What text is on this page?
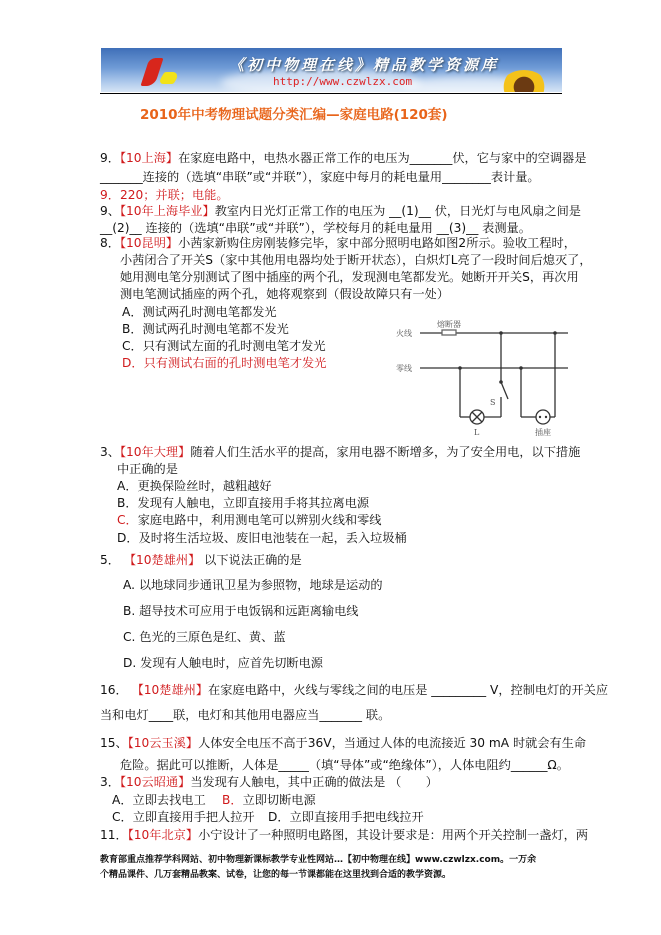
《初中物理在线》精品教学资源库
http://www.czwlzx.com
2010年中考物理试题分类汇编—家庭电路(120套)
9．【10上海】在家庭电路中，电热水器正常工作的电压为_______伏，它与家中的空调器是
_______连接的（选填“串联”或“并联”），家庭中每月的耗电量用________表计量。
9．220；并联；电能。
9、【10年上海毕业】教室内日光灯正常工作的电压为 __(1)__ 伏，日光灯与电风扇之间是
__(2)__ 连接的（选填“串联”或“并联”），学校每月的耗电量用 __(3)__ 表测量。
8．【10昆明】小茜家新购住房刚装修完毕，家中部分照明电路如图2所示。验收工程时，
小茜闭合了开关S（家中其他用电器均处于断开状态），白炽灯L亮了一段时间后熄灭了，
她用测电笔分别测试了图中插座的两个孔，发现测电笔都发光。她断开开关S，再次用
测电笔测试插座的两个孔，她将观察到（假设故障只有一处）
A．测试两孔时测电笔都发光
B．测试两孔时测电笔都不发光
C．只有测试左面的孔时测电笔才发光
D．只有测试右面的孔时测电笔才发光
3、【10年大理】随着人们生活水平的提高，家用电器不断增多，为了安全用电，以下措施
中正确的是
A．更换保险丝时，越粗越好
B．发现有人触电，立即直接用手将其拉离电源
C．家庭电路中，利用测电笔可以辨别火线和零线
D．及时将生活垃圾、废旧电池装在一起，丢入垃圾桶
5． 【10楚雄州】 以下说法正确的是
A. 以地球同步通讯卫星为参照物，地球是运动的
B. 超导技术可应用于电饭锅和远距离输电线
C. 色光的三原色是红、黄、蓝
D. 发现有人触电时，应首先切断电源
16． 【10楚雄州】在家庭电路中，火线与零线之间的电压是 _________ V，控制电灯的开关应
当和电灯____联，电灯和其他用电器应当_______ 联。
15、【10云玉溪】人体安全电压不高于36V，当通过人体的电流接近 30 mA 时就会有生命
危险。据此可以推断，人体是_____（填“导体”或“绝缘体”），人体电阻约______Ω。
3．【10云昭通】当发现有人触电，其中正确的做法是 （　　）
A．立即去找电工 B．立即切断电源
C．立即直接用手把人拉开 D．立即直接用手把电线拉开
11．【10年北京】小宁设计了一种照明电路图，其设计要求是：用两个开关控制一盏灯，两
火线
零线
熔断器
S
L	插座
教育部重点推荐学科网站、初中物理新课标教学专业性网站…【初中物理在线】www.czwlzx.com。一万余
个精品课件、几万套精品教案、试卷，让您的每一节课都能在这里找到合适的教学资源。
